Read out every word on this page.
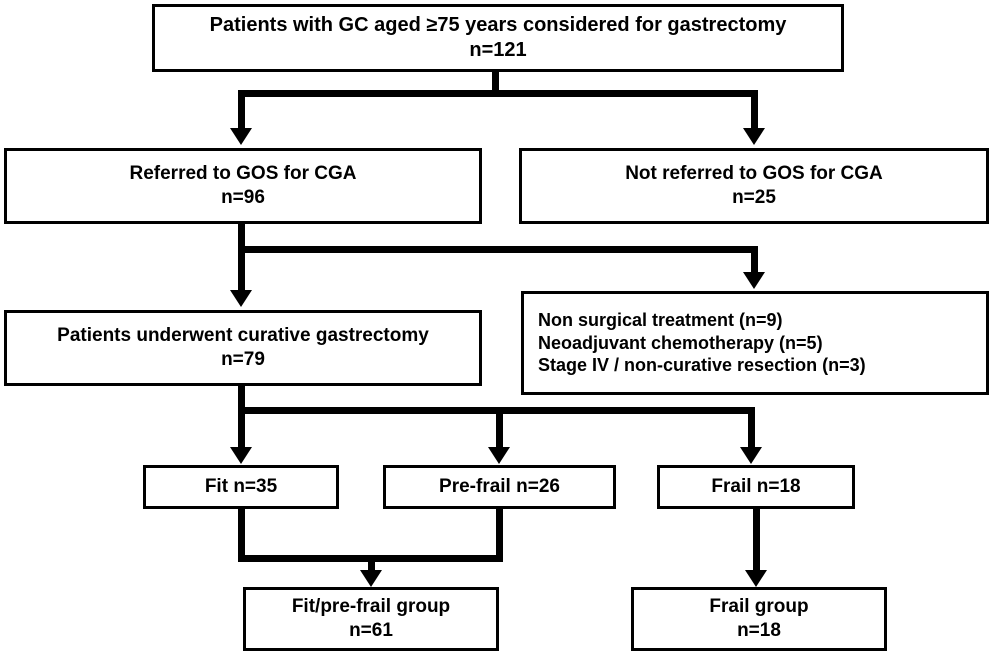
Patients with GC aged ≥75 years considered for gastrectomy
n=121
Referred to GOS for CGA
n=96
Not referred to GOS for CGA
n=25
Patients underwent curative gastrectomy
n=79
Non surgical treatment (n=9)
Neoadjuvant chemotherapy (n=5)
Stage IV / non-curative resection (n=3)
Fit n=35	Pre-frail n=26	Frail n=18
Fit/pre-frail group
n=61
Frail group
n=18
